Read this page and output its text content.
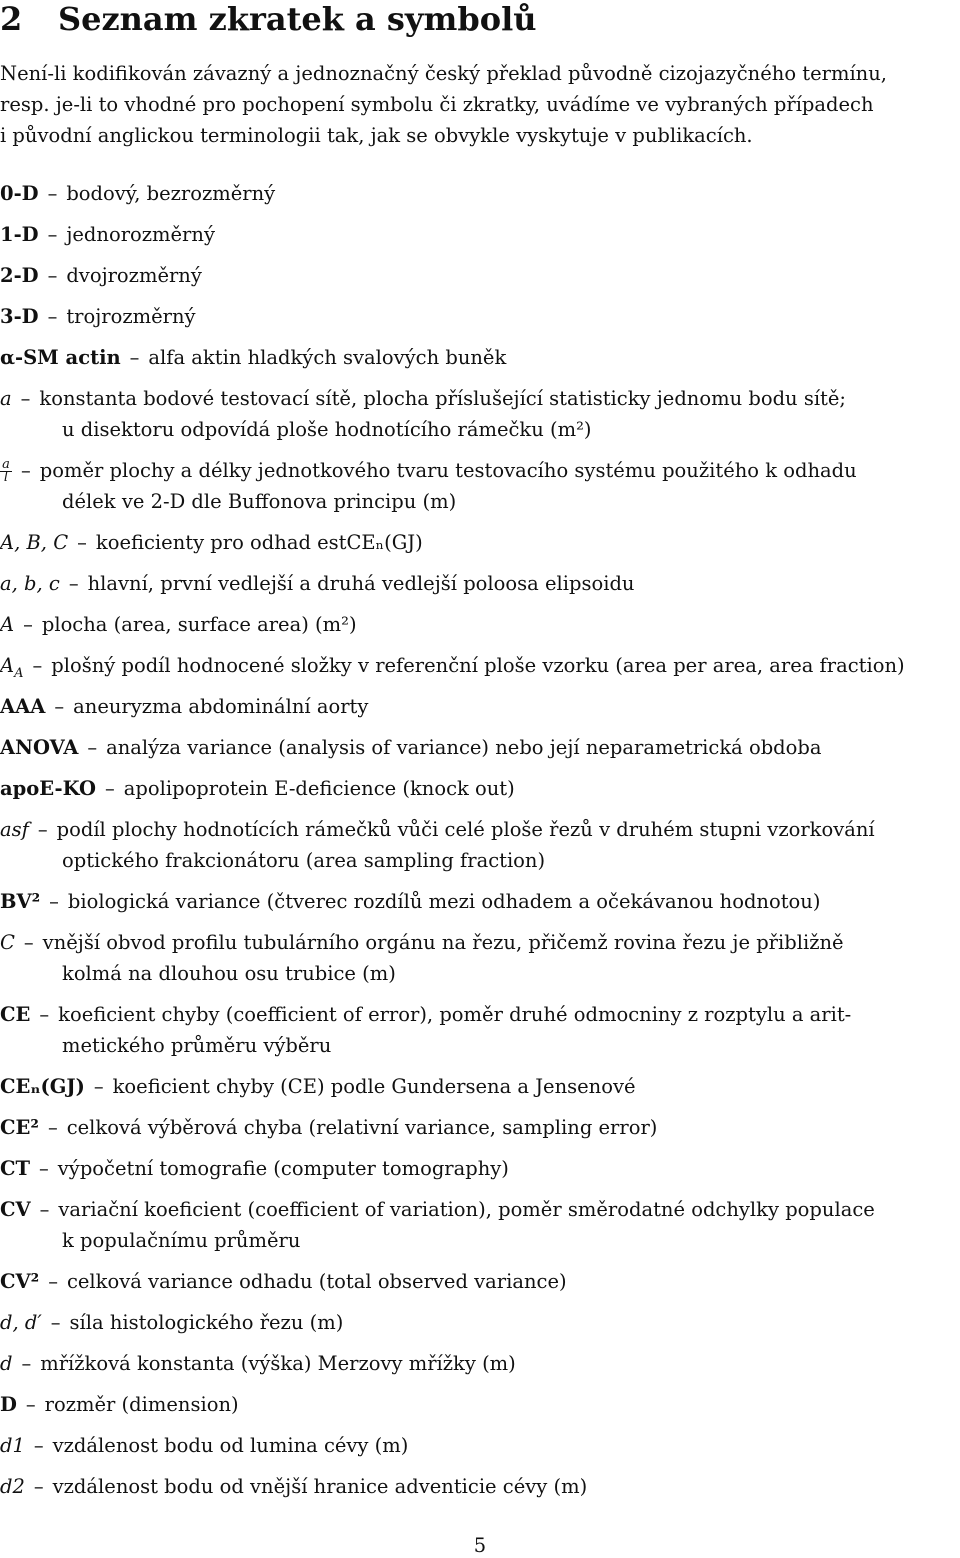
2 Seznam zkratek a symbolů
Není-li kodifikován závazný a jednoznačný český překlad původně cizojazyčného termínu,
resp. je-li to vhodné pro pochopení symbolu či zkratky, uvádíme ve vybraných případech
i původní anglickou terminologii tak, jak se obvykle vyskytuje v publikacích.
0-D – bodový, bezrozměrný
1-D – jednorozměrný
2-D – dvojrozměrný
3-D – trojrozměrný
α-SM actin – alfa aktin hladkých svalových buněk
a – konstanta bodové testovací sítě, plocha příslušející statisticky jednomu bodu sítě;
u disektoru odpovídá ploše hodnotícího rámečku (m²)
$\frac{a}{l}$ – poměr plochy a délky jednotkového tvaru testovacího systému použitého k odhadu
délek ve 2-D dle Buffonova principu (m)
A, B, C – koeficienty pro odhad estCEₙ(GJ)
a, b, c – hlavní, první vedlejší a druhá vedlejší poloosa elipsoidu
A – plocha (area, surface area) (m²)
$A_A$ – plošný podíl hodnocené složky v referenční ploše vzorku (area per area, area fraction)
AAA – aneuryzma abdominální aorty
ANOVA – analýza variance (analysis of variance) nebo její neparametrická obdoba
apoE-KO – apolipoprotein E-deficience (knock out)
asf – podíl plochy hodnotících rámečků vůči celé ploše řezů v druhém stupni vzorkování
optického frakcionátoru (area sampling fraction)
BV² – biologická variance (čtverec rozdílů mezi odhadem a očekávanou hodnotou)
C – vnější obvod profilu tubulárního orgánu na řezu, přičemž rovina řezu je přibližně
kolmá na dlouhou osu trubice (m)
CE – koeficient chyby (coefficient of error), poměr druhé odmocniny z rozptylu a arit-
metického průměru výběru
CEₙ(GJ) – koeficient chyby (CE) podle Gundersena a Jensenové
CE² – celková výběrová chyba (relativní variance, sampling error)
CT – výpočetní tomografie (computer tomography)
CV – variační koeficient (coefficient of variation), poměr směrodatné odchylky populace
k populačnímu průměru
CV² – celková variance odhadu (total observed variance)
d, d′ – síla histologického řezu (m)
d – mřížková konstanta (výška) Merzovy mřížky (m)
D – rozměr (dimension)
d1 – vzdálenost bodu od lumina cévy (m)
d2 – vzdálenost bodu od vnější hranice adventicie cévy (m)
5
